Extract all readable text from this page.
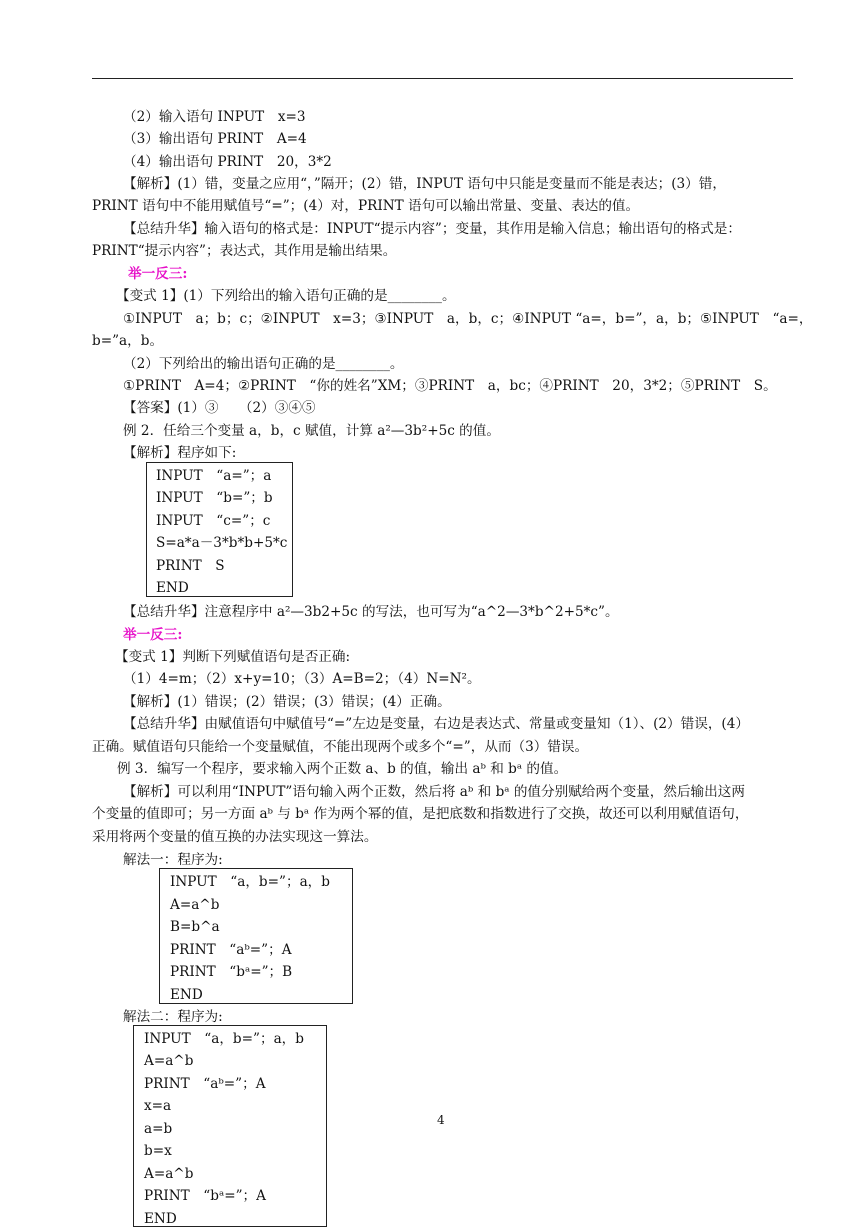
（2）输入语句 INPUT　x=3
（3）输出语句 PRINT　A=4
（4）输出语句 PRINT　20，3*2
【解析】(1）错，变量之应用“，”隔开；(2）错，INPUT 语句中只能是变量而不能是表达；(3）错，
PRINT 语句中不能用赋值号“=”；(4）对，PRINT 语句可以输出常量、变量、表达的值。
【总结升华】输入语句的格式是：INPUT“提示内容”；变量，其作用是输入信息；输出语句的格式是：
PRINT“提示内容”；表达式，其作用是输出结果。
举一反三:
【变式 1】(1）下列给出的输入语句正确的是________。
①INPUT　a；b；c；②INPUT　x=3；③INPUT　a，b，c；④INPUT “a=，b=”，a，b；⑤INPUT　“a=，
b=”a，b。
（2）下列给出的输出语句正确的是________。
①PRINT　A=4；②PRINT　“你的姓名”XM；③PRINT　a，bc；④PRINT　20，3*2；⑤PRINT　S。
【答案】(1）③　　（2）③④⑤
例 2．任给三个变量 a，b，c 赋值，计算 a²—3b²+5c 的值。
【解析】程序如下:
INPUT　“a=”；a
INPUT　“b=”；b
INPUT　“c=”；c
S=a*a－3*b*b+5*c
PRINT　S
END
【总结升华】注意程序中 a²—3b2+5c 的写法，也可写为“a^2—3*b^2+5*c”。
举一反三:
【变式 1】判断下列赋值语句是否正确:
（1）4=m；（2）x+y=10；（3）A=B=2；（4）N=N²。
【解析】(1）错误；(2）错误；(3）错误；(4）正确。
【总结升华】由赋值语句中赋值号“=”左边是变量，右边是表达式、常量或变量知（1）、(2）错误，(4）
正确。赋值语句只能给一个变量赋值，不能出现两个或多个“=”，从而（3）错误。
例 3．编写一个程序，要求输入两个正数 a、b 的值，输出 aᵇ 和 bᵃ 的值。
【解析】可以利用“INPUT”语句输入两个正数，然后将 aᵇ 和 bᵃ 的值分别赋给两个变量，然后输出这两
个变量的值即可；另一方面 aᵇ 与 bᵃ 作为两个幂的值，是把底数和指数进行了交换，故还可以利用赋值语句，
采用将两个变量的值互换的办法实现这一算法。
解法一：程序为:
INPUT　“a，b=”；a，b
A=a^b
B=b^a
PRINT　“aᵇ=”；A
PRINT　“bᵃ=”；B
END
解法二：程序为:
INPUT　“a，b=”；a，b
A=a^b
PRINT　“aᵇ=”；A
x=a
a=b
b=x
A=a^b
PRINT　“bᵃ=”；A
END
4
